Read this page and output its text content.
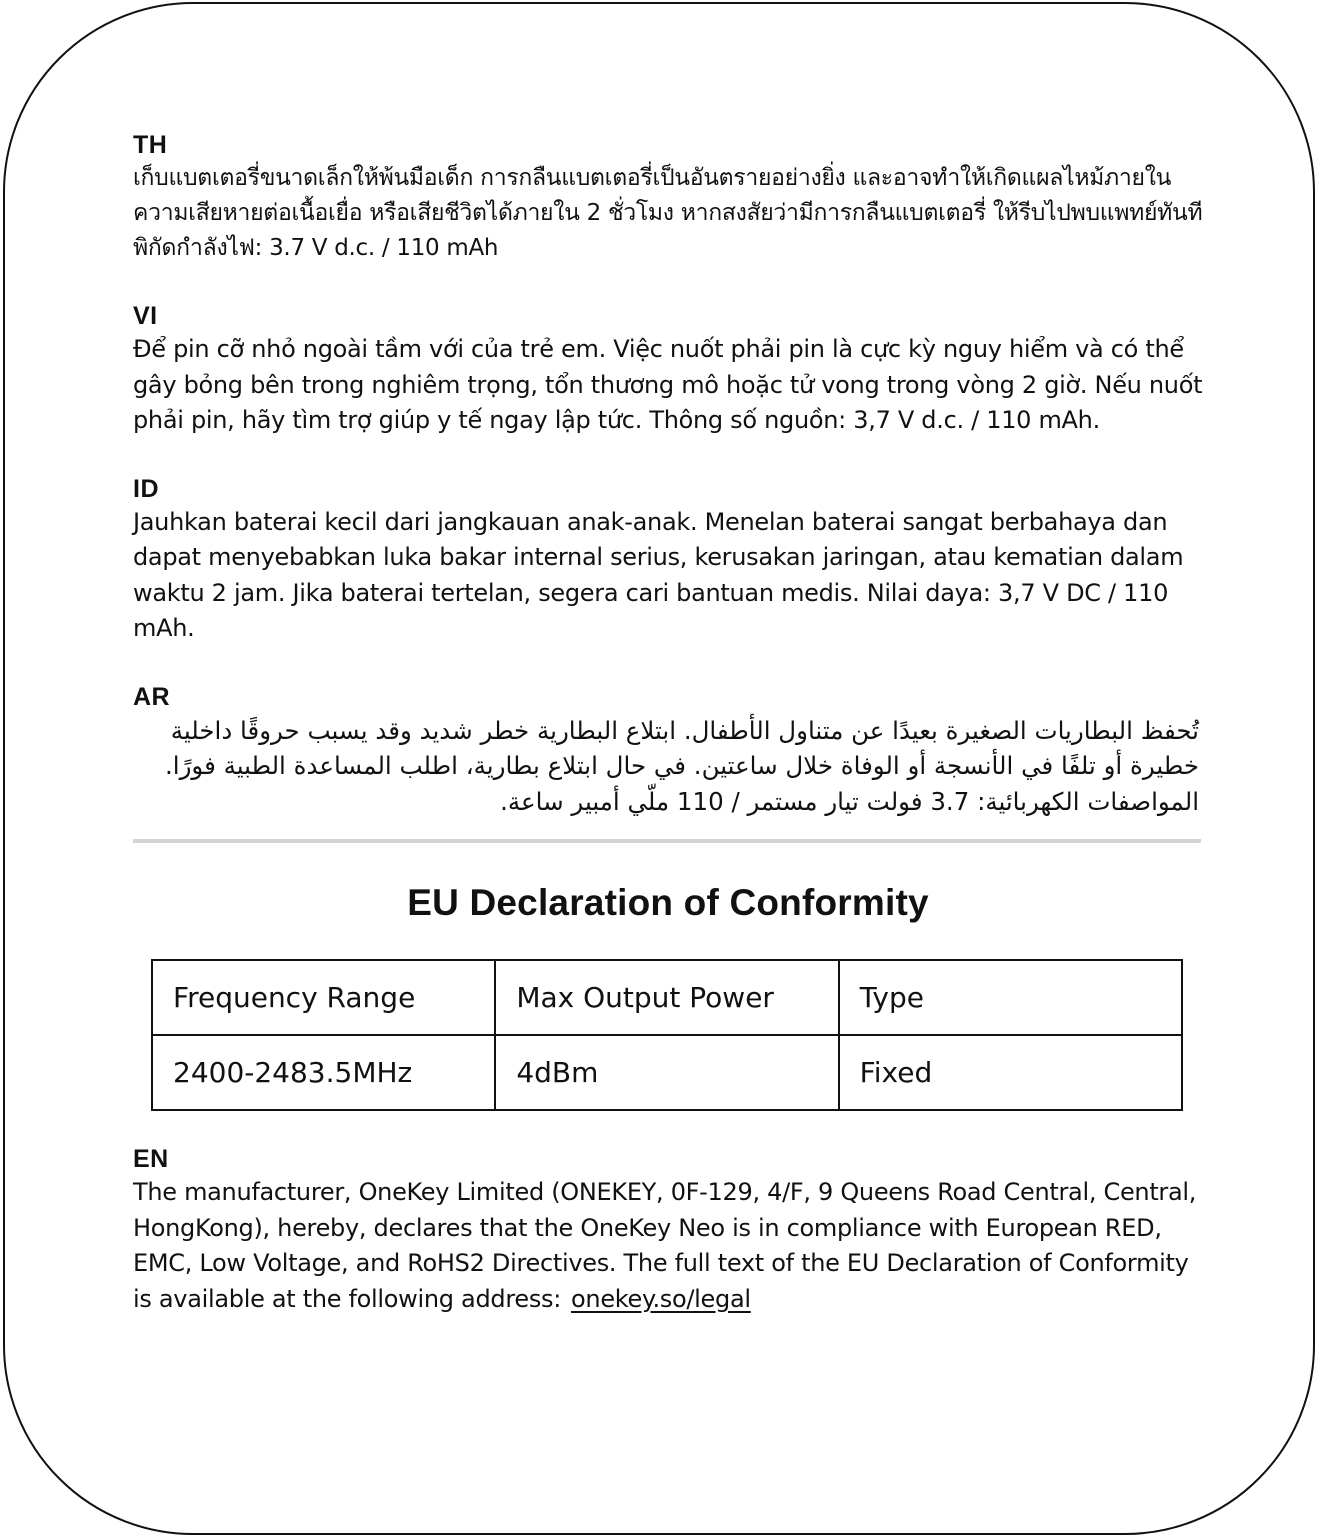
TH
เก็บแบตเตอรี่ขนาดเล็กให้พ้นมือเด็ก การกลืนแบตเตอรี่เป็นอันตรายอย่างยิ่ง และอาจทำให้เกิดแผลไหม้ภายใน ความเสียหายต่อเนื้อเยื่อ หรือเสียชีวิตได้ภายใน 2 ชั่วโมง หากสงสัยว่ามีการกลืนแบตเตอรี่ ให้รีบไปพบแพทย์ทันที พิกัดกำลังไฟ: 3.7 V d.c. / 110 mAh
VI
Để pin cỡ nhỏ ngoài tầm với của trẻ em. Việc nuốt phải pin là cực kỳ nguy hiểm và có thể gây bỏng bên trong nghiêm trọng, tổn thương mô hoặc tử vong trong vòng 2 giờ. Nếu nuốt phải pin, hãy tìm trợ giúp y tế ngay lập tức. Thông số nguồn: 3,7 V d.c. / 110 mAh.
ID
Jauhkan baterai kecil dari jangkauan anak-anak. Menelan baterai sangat berbahaya dan dapat menyebabkan luka bakar internal serius, kerusakan jaringan, atau kematian dalam waktu 2 jam. Jika baterai tertelan, segera cari bantuan medis. Nilai daya: 3,7 V DC / 110 mAh.
AR
تُحفظ البطاريات الصغيرة بعيدًا عن متناول الأطفال. ابتلاع البطارية خطر شديد وقد يسبب حروقًا داخلية خطيرة أو تلفًا في الأنسجة أو الوفاة خلال ساعتين. في حال ابتلاع بطارية، اطلب المساعدة الطبية فورًا. المواصفات الكهربائية: 3.7 فولت تيار مستمر / 110 ملّي أمبير ساعة.
EU Declaration of Conformity
Frequency Range	Max Output Power	Type
2400-2483.5MHz	4dBm	Fixed
EN
The manufacturer, OneKey Limited (ONEKEY, 0F-129, 4/F, 9 Queens Road Central, Central, HongKong), hereby, declares that the OneKey Neo is in compliance with European RED, EMC, Low Voltage, and RoHS2 Directives. The full text of the EU Declaration of Conformity is available at the following address: onekey.so/legal
